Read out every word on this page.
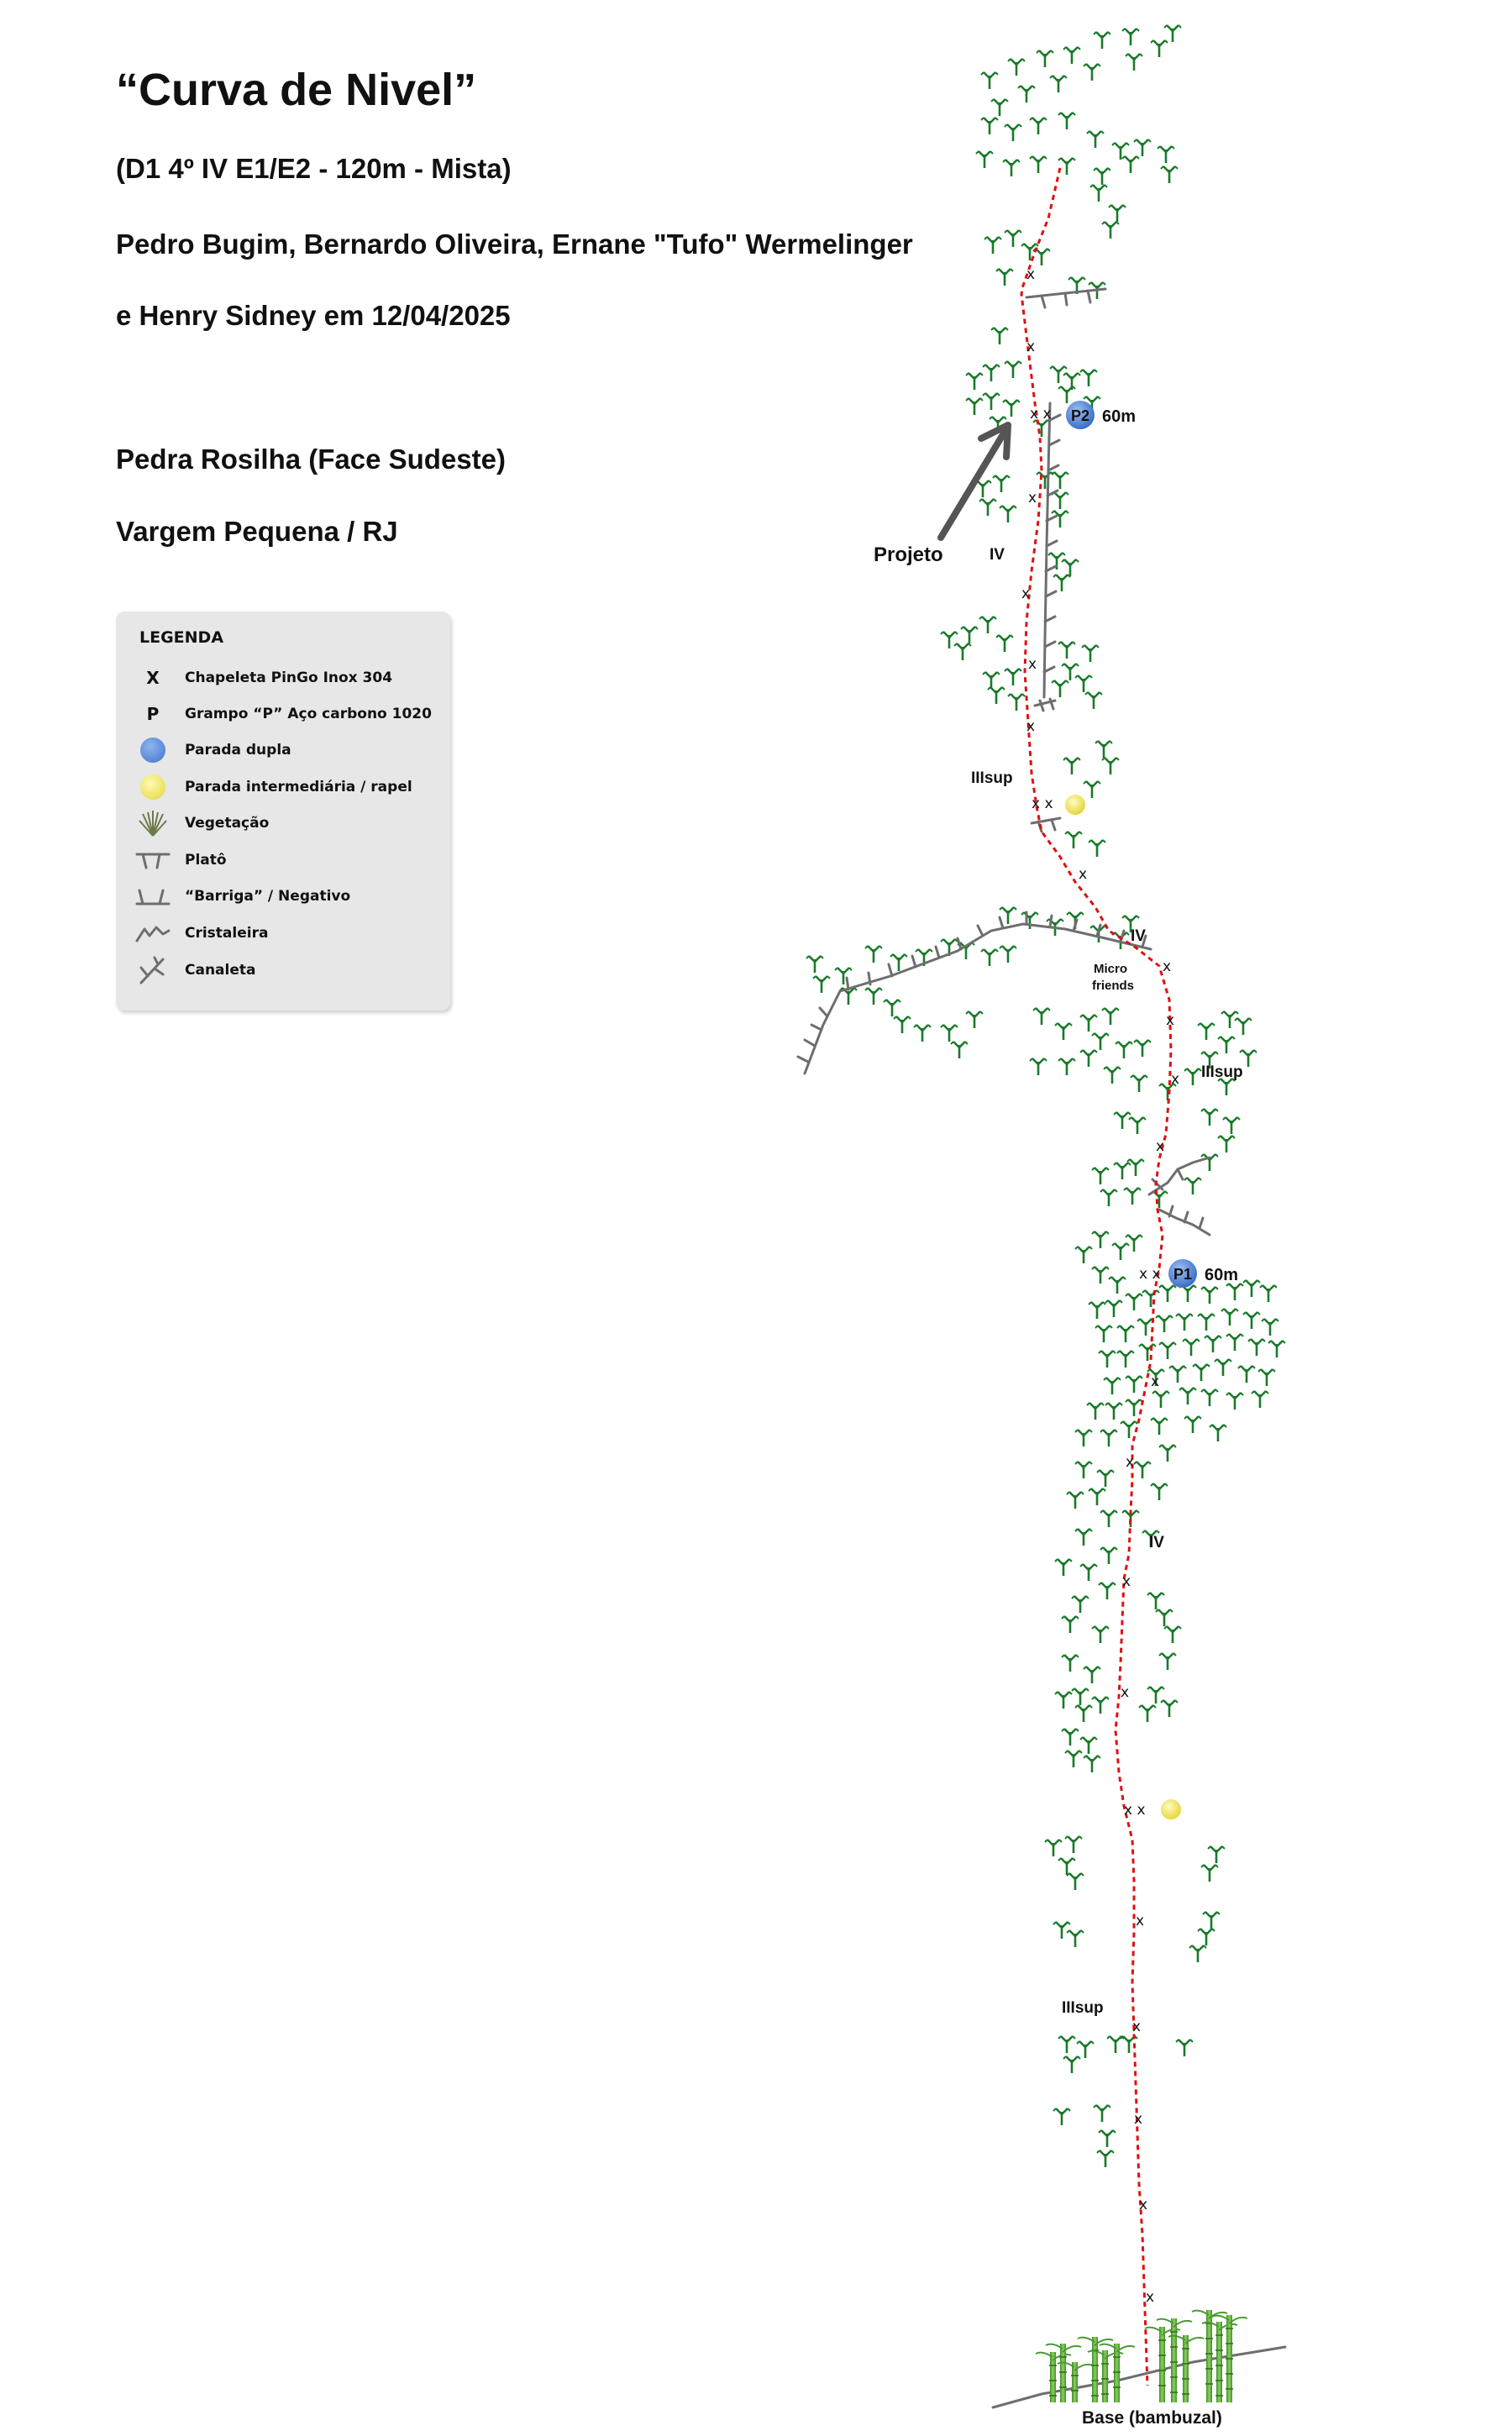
“Curva de Nivel”

(D1 4º IV E1/E2 - 120m - Mista)

Pedro Bugim, Bernardo Oliveira, Ernane "Tufo" Wermelinger

e Henry Sidney em 12/04/2025

Pedra Rosilha (Face Sudeste)

Vargem Pequena / RJ

LEGENDA
X	Chapeleta PinGo Inox 304
P	Grampo “P” Aço carbono 1020
Parada dupla
Parada intermediária / rapel
Vegetação
Platô
“Barriga” / Negativo
Cristaleira
Canaleta
x
x
x
x
x
x
x
x
x
x
x
x
x
x
x
x
x
x
x
x
x x
x x
x x
x x
P2 60m
P1 60m
Projeto	IV
IIIsup
IV
IIIsup
IV
IIIsup
Micro
friends
Base (bambuzal)
